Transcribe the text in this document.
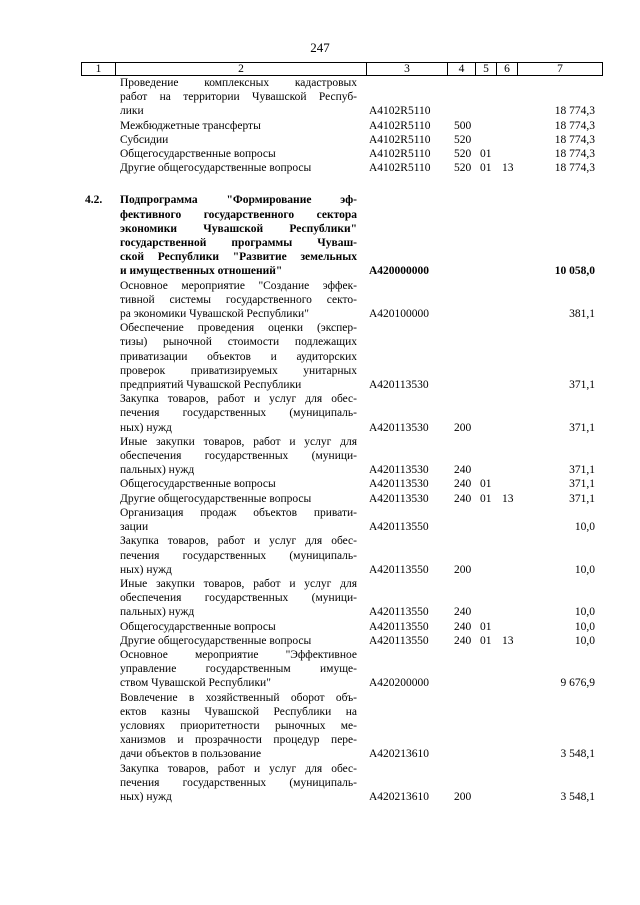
247
1	2	3	4	5	6	7
Проведение комплексных кадастровых
работ на территории Чувашской Респуб-
лики	A4102R5110	18 774,3
Межбюджетные трансферты	A4102R5110 500	18 774,3
Субсидии	A4102R5110 520	18 774,3
Общегосударственные вопросы	A4102R5110 520 01	18 774,3
Другие общегосударственные вопросы	A4102R5110 520 01 13	18 774,3
4.2.	Подпрограмма "Формирование эф-
фективного государственного сектора
экономики Чувашской Республики"
государственной программы Чуваш-
ской Республики "Развитие земельных
и имущественных отношений"	A420000000	10 058,0
Основное мероприятие "Создание эффек-
тивной системы государственного секто-
ра экономики Чувашской Республики"	A420100000	381,1
Обеспечение проведения оценки (экспер-
тизы) рыночной стоимости подлежащих
приватизации объектов и аудиторских
проверок приватизируемых унитарных
предприятий Чувашской Республики	A420113530	371,1
Закупка товаров, работ и услуг для обес-
печения государственных (муниципаль-
ных) нужд	A420113530 200	371,1
Иные закупки товаров, работ и услуг для
обеспечения государственных (муници-
пальных) нужд	A420113530 240	371,1
Общегосударственные вопросы	A420113530 240 01	371,1
Другие общегосударственные вопросы	A420113530 240 01 13	371,1
Организация продаж объектов привати-
зации	A420113550	10,0
Закупка товаров, работ и услуг для обес-
печения государственных (муниципаль-
ных) нужд	A420113550 200	10,0
Иные закупки товаров, работ и услуг для
обеспечения государственных (муници-
пальных) нужд	A420113550 240	10,0
Общегосударственные вопросы	A420113550 240 01	10,0
Другие общегосударственные вопросы	A420113550 240 01 13	10,0
Основное мероприятие "Эффективное
управление государственным имуще-
ством Чувашской Республики"	A420200000	9 676,9
Вовлечение в хозяйственный оборот объ-
ектов казны Чувашской Республики на
условиях приоритетности рыночных ме-
ханизмов и прозрачности процедур пере-
дачи объектов в пользование	A420213610	3 548,1
Закупка товаров, работ и услуг для обес-
печения государственных (муниципаль-
ных) нужд	A420213610 200	3 548,1
